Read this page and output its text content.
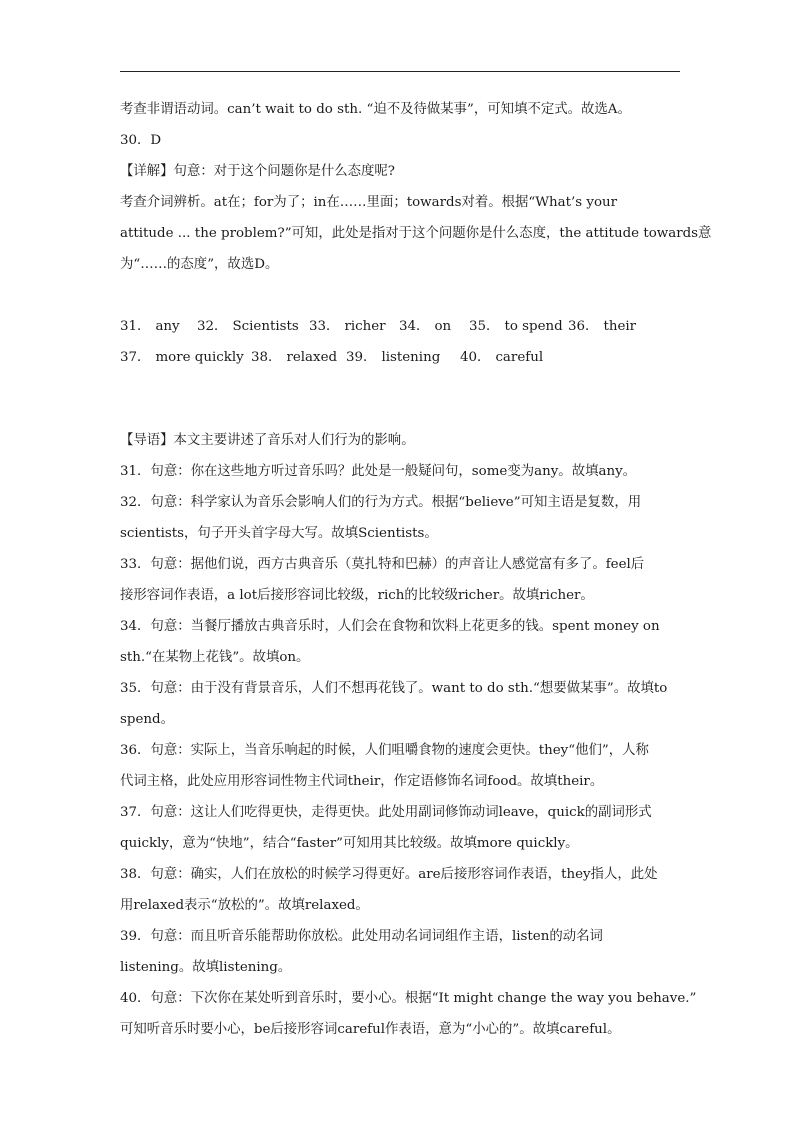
考查非谓语动词。can’t wait to do sth. “迫不及待做某事”，可知填不定式。故选A。
30．D
【详解】句意：对于这个问题你是什么态度呢?
考查介词辨析。at在；for为了；in在……里面；towards对着。根据“What’s your
attitude ... the problem?”可知，此处是指对于这个问题你是什么态度，the attitude towards意
为“……的态度”，故选D。
31． any	32． Scientists 33． richer	34． on	35． to spend 36． their
37． more quickly 38． relaxed 39． listening	40． careful
【导语】本文主要讲述了音乐对人们行为的影响。
31．句意：你在这些地方听过音乐吗？此处是一般疑问句，some变为any。故填any。
32．句意：科学家认为音乐会影响人们的行为方式。根据“believe”可知主语是复数，用
scientists，句子开头首字母大写。故填Scientists。
33．句意：据他们说，西方古典音乐（莫扎特和巴赫）的声音让人感觉富有多了。feel后
接形容词作表语，a lot后接形容词比较级，rich的比较级richer。故填richer。
34．句意：当餐厅播放古典音乐时，人们会在食物和饮料上花更多的钱。spent money on
sth.“在某物上花钱”。故填on。
35．句意：由于没有背景音乐，人们不想再花钱了。want to do sth.“想要做某事”。故填to
spend。
36．句意：实际上，当音乐响起的时候，人们咀嚼食物的速度会更快。they“他们”，人称
代词主格，此处应用形容词性物主代词their，作定语修饰名词food。故填their。
37．句意：这让人们吃得更快，走得更快。此处用副词修饰动词leave，quick的副词形式
quickly，意为“快地”，结合“faster”可知用其比较级。故填more quickly。
38．句意：确实，人们在放松的时候学习得更好。are后接形容词作表语，they指人，此处
用relaxed表示“放松的”。故填relaxed。
39．句意：而且听音乐能帮助你放松。此处用动名词词组作主语，listen的动名词
listening。故填listening。
40．句意：下次你在某处听到音乐时，要小心。根据“It might change the way you behave.”
可知听音乐时要小心，be后接形容词careful作表语，意为“小心的”。故填careful。
